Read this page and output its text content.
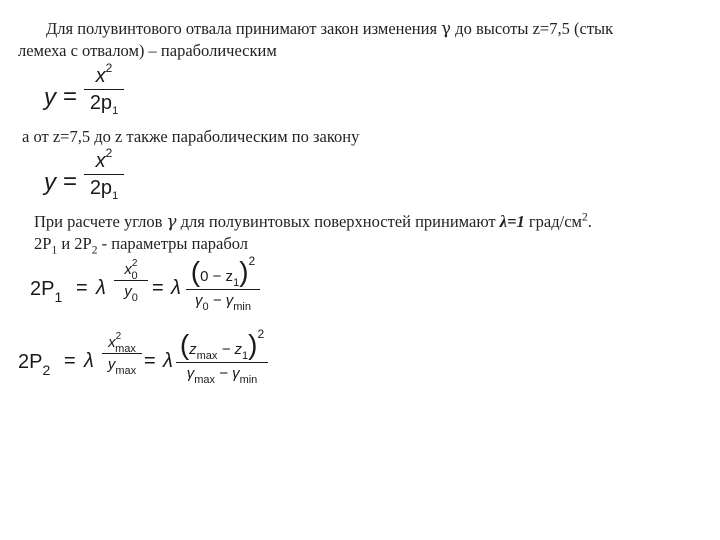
Для полувинтового отвала принимают закон изменения γ до высоты z=7,5 (стык
лемеха с отвалом) – параболическим
y =
$x^2$
$2p_1$
а от z=7,5 до z также параболическим по закону
y =
$x^2$
$2p_1$
При расчете углов γ для полувинтовых поверхностей принимают λ=1 град/$см^2$.
$2P_1$ и $2P_2$ - параметры парабол
$2P_1 = \lambda$
$x^2_0$
$y_0 = \lambda$
$(0 - z_1)^2$
$\gamma_0 - \gamma_{min}$
$2P_2 = \lambda$
$x^2_{max}$
$y_{max} = \lambda$
$(z_{max} - z_1)^2$
$\gamma_{max} - \gamma_{min}$
